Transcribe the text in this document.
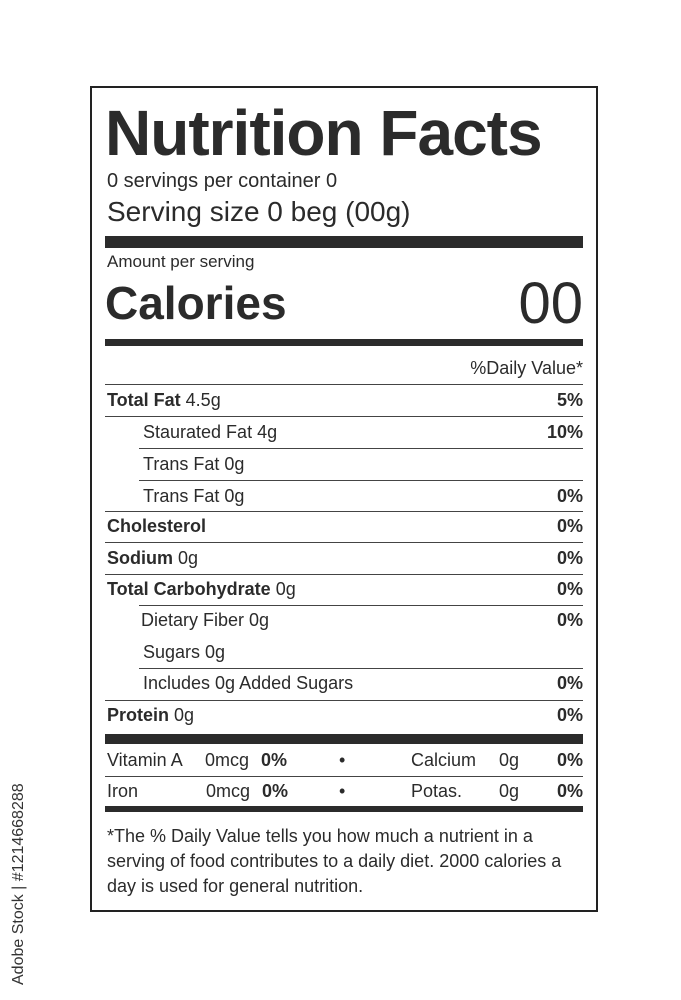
Nutrition Facts
0 servings per container 0
Serving size 0 beg (00g)
Amount per serving
Calories	00
%Daily Value*
Total Fat 4.5g	5%
Staurated Fat 4g	10%
Trans Fat 0g
Trans Fat 0g	0%
Cholesterol	0%
Sodium 0g	0%
Total Carbohydrate 0g	0%
Dietary Fiber 0g	0%
Sugars 0g
Includes 0g Added Sugars	0%
Protein 0g	0%
Vitamin A 0mcg 0%	•	Calcium 0g 0%
Iron	0mcg 0%	•	Potas. 0g 0%
*The % Daily Value tells you how much a nutrient in a serving of food contributes to a daily diet. 2000 calories a day is used for general nutrition.
Adobe Stock | #1214668288
